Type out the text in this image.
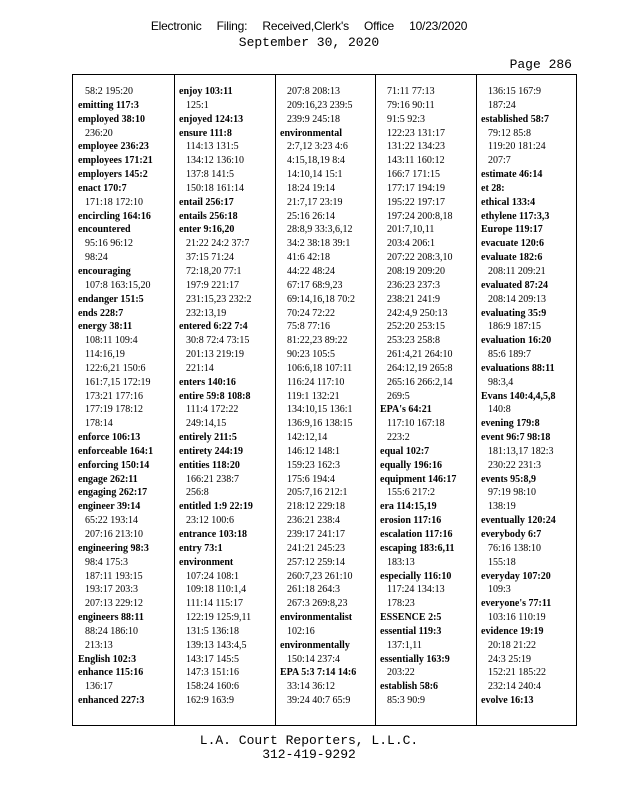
Electronic Filing: Received,Clerk's Office 10/23/2020
September 30, 2020
Page 286
58:2 195:20
emitting 117:3
employed 38:10
236:20
employee 236:23
employees 171:21
employers 145:2
enact 170:7
171:18 172:10
encircling 164:16
encountered
95:16 96:12
98:24
encouraging
107:8 163:15,20
endanger 151:5
ends 228:7
energy 38:11
108:11 109:4
114:16,19
122:6,21 150:6
161:7,15 172:19
173:21 177:16
177:19 178:12
178:14
enforce 106:13
enforceable 164:1
enforcing 150:14
engage 262:11
engaging 262:17
engineer 39:14
65:22 193:14
207:16 213:10
engineering 98:3
98:4 175:3
187:11 193:15
193:17 203:3
207:13 229:12
engineers 88:11
88:24 186:10
213:13
English 102:3
enhance 115:16
136:17
enhanced 227:3
enjoy 103:11
125:1
enjoyed 124:13
ensure 111:8
114:13 131:5
134:12 136:10
137:8 141:5
150:18 161:14
entail 256:17
entails 256:18
enter 9:16,20
21:22 24:2 37:7
37:15 71:24
72:18,20 77:1
197:9 221:17
231:15,23 232:2
232:13,19
entered 6:22 7:4
30:8 72:4 73:15
201:13 219:19
221:14
enters 140:16
entire 59:8 108:8
111:4 172:22
249:14,15
entirely 211:5
entirety 244:19
entities 118:20
166:21 238:7
256:8
entitled 1:9 22:19
23:12 100:6
entrance 103:18
entry 73:1
environment
107:24 108:1
109:18 110:1,4
111:14 115:17
122:19 125:9,11
131:5 136:18
139:13 143:4,5
143:17 145:5
147:3 151:16
158:24 160:6
162:9 163:9
207:8 208:13
209:16,23 239:5
239:9 245:18
environmental
2:7,12 3:23 4:6
4:15,18,19 8:4
14:10,14 15:1
18:24 19:14
21:7,17 23:19
25:16 26:14
28:8,9 33:3,6,12
34:2 38:18 39:1
41:6 42:18
44:22 48:24
67:17 68:9,23
69:14,16,18 70:2
70:24 72:22
75:8 77:16
81:22,23 89:22
90:23 105:5
106:6,18 107:11
116:24 117:10
119:1 132:21
134:10,15 136:1
136:9,16 138:15
142:12,14
146:12 148:1
159:23 162:3
175:6 194:4
205:7,16 212:1
218:12 229:18
236:21 238:4
239:17 241:17
241:21 245:23
257:12 259:14
260:7,23 261:10
261:18 264:3
267:3 269:8,23
environmentalist
102:16
environmentally
150:14 237:4
EPA 5:3 7:14 14:6
33:14 36:12
39:24 40:7 65:9
71:11 77:13
79:16 90:11
91:5 92:3
122:23 131:17
131:22 134:23
143:11 160:12
166:7 171:15
177:17 194:19
195:22 197:17
197:24 200:8,18
201:7,10,11
203:4 206:1
207:22 208:3,10
208:19 209:20
236:23 237:3
238:21 241:9
242:4,9 250:13
252:20 253:15
253:23 258:8
261:4,21 264:10
264:12,19 265:8
265:16 266:2,14
269:5
EPA's 64:21
117:10 167:18
223:2
equal 102:7
equally 196:16
equipment 146:17
155:6 217:2
era 114:15,19
erosion 117:16
escalation 117:16
escaping 183:6,11
183:13
especially 116:10
117:24 134:13
178:23
ESSENCE 2:5
essential 119:3
137:1,11
essentially 163:9
203:22
establish 58:6
85:3 90:9
136:15 167:9
187:24
established 58:7
79:12 85:8
119:20 181:24
207:7
estimate 46:14
et 28:
ethical 133:4
ethylene 117:3,3
Europe 119:17
evacuate 120:6
evaluate 182:6
208:11 209:21
evaluated 87:24
208:14 209:13
evaluating 35:9
186:9 187:15
evaluation 16:20
85:6 189:7
evaluations 88:11
98:3,4
Evans 140:4,4,5,8
140:8
evening 179:8
event 96:7 98:18
181:13,17 182:3
230:22 231:3
events 95:8,9
97:19 98:10
138:19
eventually 120:24
everybody 6:7
76:16 138:10
155:18
everyday 107:20
109:3
everyone's 77:11
103:16 110:19
evidence 19:19
20:18 21:22
24:3 25:19
152:21 185:22
232:14 240:4
evolve 16:13
L.A. Court Reporters, L.L.C.
312-419-9292
